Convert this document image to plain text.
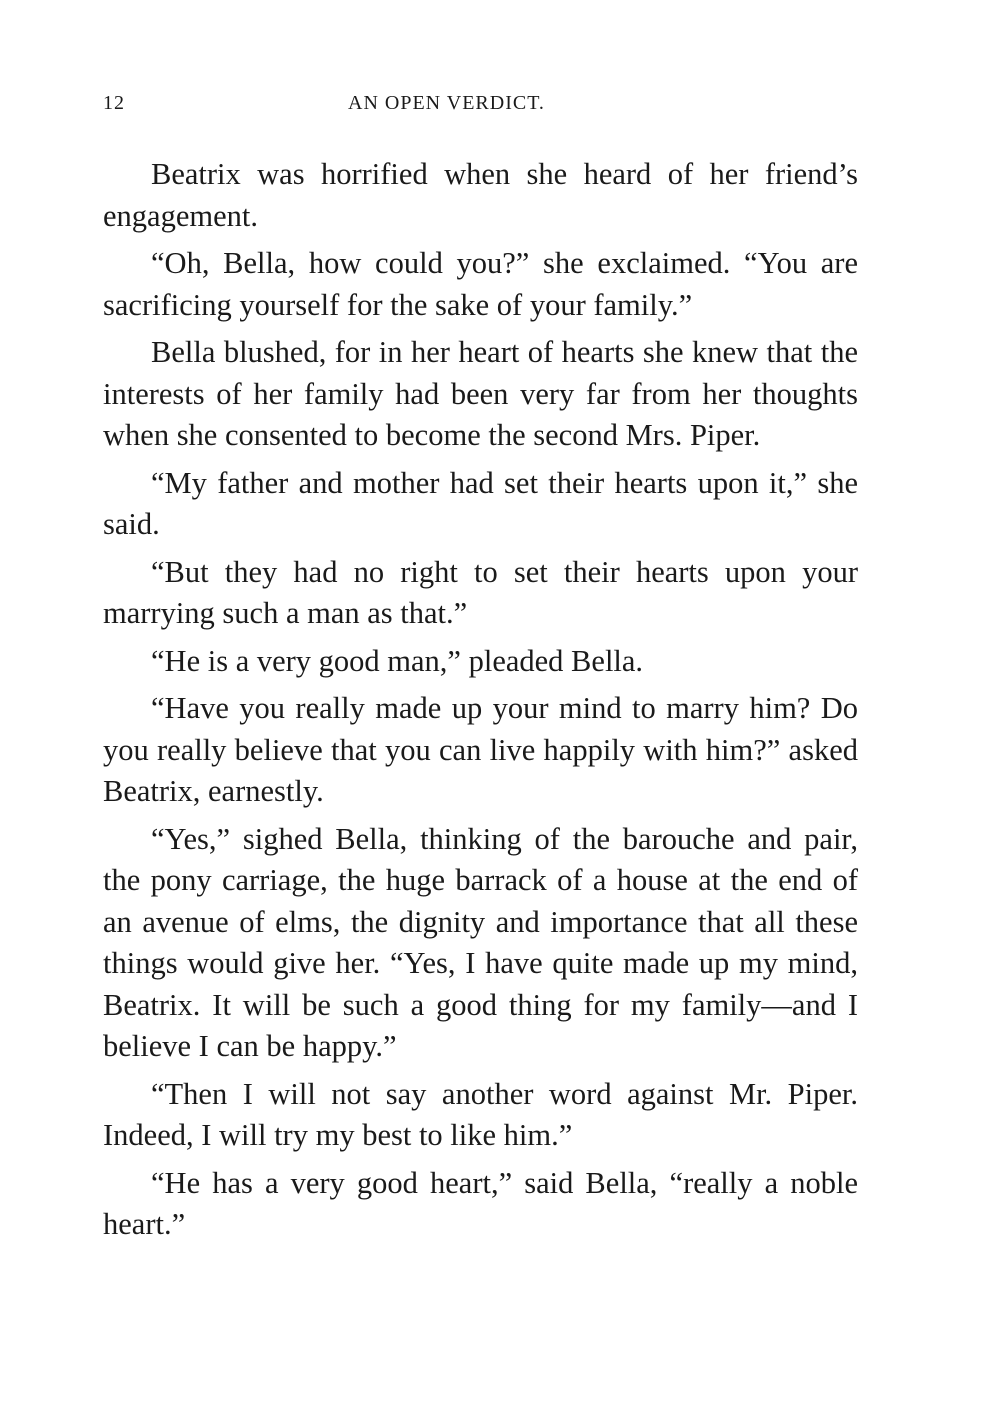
12	AN OPEN VERDICT.

Beatrix was horrified when she heard of her friend’s engagement.

“Oh, Bella, how could you?” she exclaimed. “You are sacrificing yourself for the sake of your family.”

Bella blushed, for in her heart of hearts she knew that the interests of her family had been very far from her thoughts when she consented to become the second Mrs. Piper.

“My father and mother had set their hearts upon it,” she said.

“But they had no right to set their hearts upon your marrying such a man as that.”

“He is a very good man,” pleaded Bella.

“Have you really made up your mind to marry him? Do you really believe that you can live happily with him?” asked Beatrix, earnestly.

“Yes,” sighed Bella, thinking of the barouche and pair, the pony carriage, the huge barrack of a house at the end of an avenue of elms, the dignity and importance that all these things would give her. “Yes, I have quite made up my mind, Beatrix. It will be such a good thing for my family—and I believe I can be happy.”

“Then I will not say another word against Mr. Piper. Indeed, I will try my best to like him.”

“He has a very good heart,” said Bella, “really a noble heart.”
